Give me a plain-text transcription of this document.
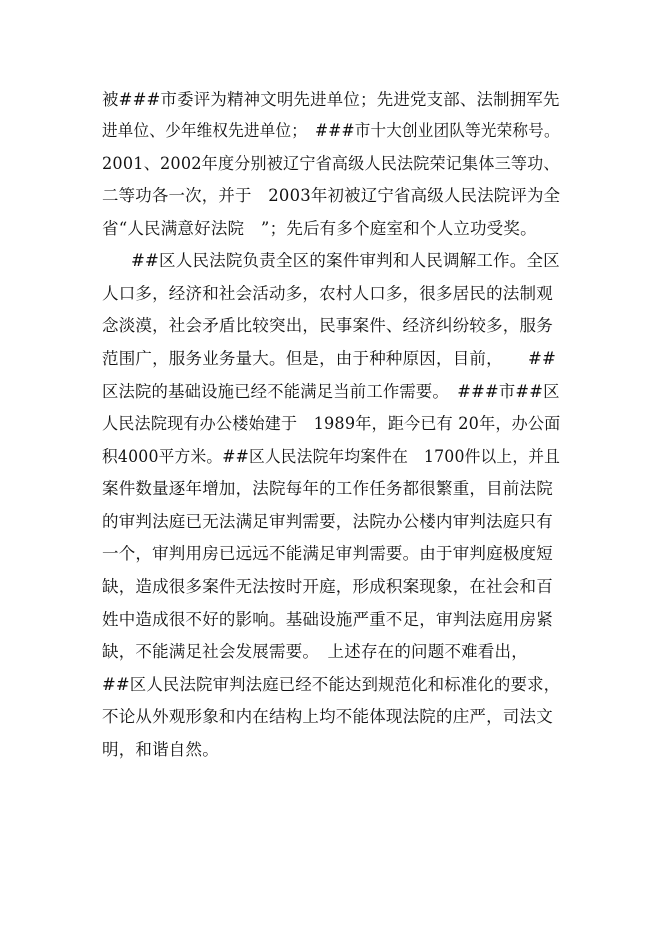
被###市委评为精神文明先进单位；先进党支部、法制拥军先
进单位、少年维权先进单位；　###市十大创业团队等光荣称号。
2001、2002年度分别被辽宁省高级人民法院荣记集体三等功、
二等功各一次，并于　2003年初被辽宁省高级人民法院评为全
省“人民满意好法院　”；先后有多个庭室和个人立功受奖。
##区人民法院负责全区的案件审判和人民调解工作。全区
人口多，经济和社会活动多，农村人口多，很多居民的法制观
念淡漠，社会矛盾比较突出，民事案件、经济纠纷较多，服务
范围广，服务业务量大。但是，由于种种原因，目前，　　##
区法院的基础设施已经不能满足当前工作需要。　###市##区
人民法院现有办公楼始建于　1989年，距今已有 20年，办公面
积4000平方米。##区人民法院年均案件在　1700件以上，并且
案件数量逐年增加，法院每年的工作任务都很繁重，目前法院
的审判法庭已无法满足审判需要，法院办公楼内审判法庭只有
一个，审判用房已远远不能满足审判需要。由于审判庭极度短
缺，造成很多案件无法按时开庭，形成积案现象，在社会和百
姓中造成很不好的影响。基础设施严重不足，审判法庭用房紧
缺，不能满足社会发展需要。　上述存在的问题不难看出，
##区人民法院审判法庭已经不能达到规范化和标准化的要求，
不论从外观形象和内在结构上均不能体现法院的庄严，司法文
明，和谐自然。
